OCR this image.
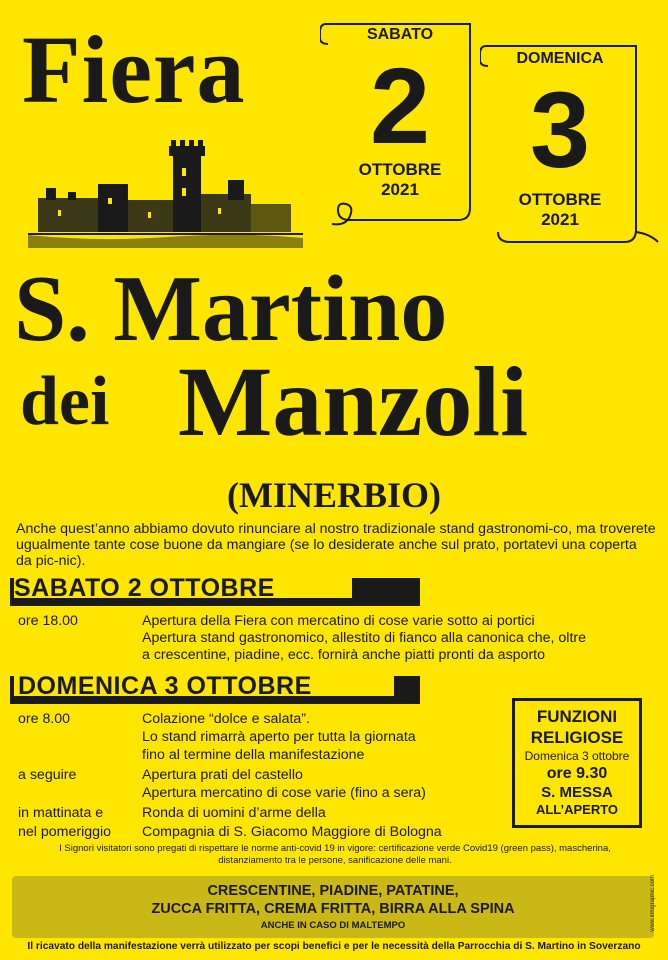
Fiera	SABATO
2
OTTOBRE
2021
DOMENICA
3
OTTOBRE
2021
S. Martino
dei Manzoli
(MINERBIO)
Anche quest’anno abbiamo dovuto rinunciare al nostro tradizionale stand gastronomi-co, ma troverete ugualmente tante cose buone da mangiare (se lo desiderate anche sul prato, portatevi una coperta da pic-nic).
SABATO 2 OTTOBRE
ore 18.00	Apertura della Fiera con mercatino di cose varie sotto ai portici
Apertura stand gastronomico, allestito di fianco alla canonica che, oltre
a crescentine, piadine, ecc. fornirà anche piatti pronti da asporto
DOMENICA 3 OTTOBRE
ore 8.00	Colazione “dolce e salata”.
Lo stand rimarrà aperto per tutta la giornata
fino al termine della manifestazione
a seguire	Apertura prati del castello
Apertura mercatino di cose varie (fino a sera)
in mattinata e	Ronda di uomini d’arme della
nel pomeriggio Compagnia di S. Giacomo Maggiore di Bologna
FUNZIONI
RELIGIOSE
Domenica 3 ottobre
ore 9.30
S. MESSA
ALL’APERTO
I Signori visitatori sono pregati di rispettare le norme anti-covid 19 in vigore: certificazione verde Covid19 (green pass), mascherina, distanziamento tra le persone, sanificazione delle mani.
CRESCENTINE, PIADINE, PATATINE,
ZUCCA FRITTA, CREMA FRITTA, BIRRA ALLA SPINA
ANCHE IN CASO DI MALTEMPO	www.infographic.com
Il ricavato della manifestazione verrà utilizzato per scopi benefici e per le necessità della Parrocchia di S. Martino in Soverzano
